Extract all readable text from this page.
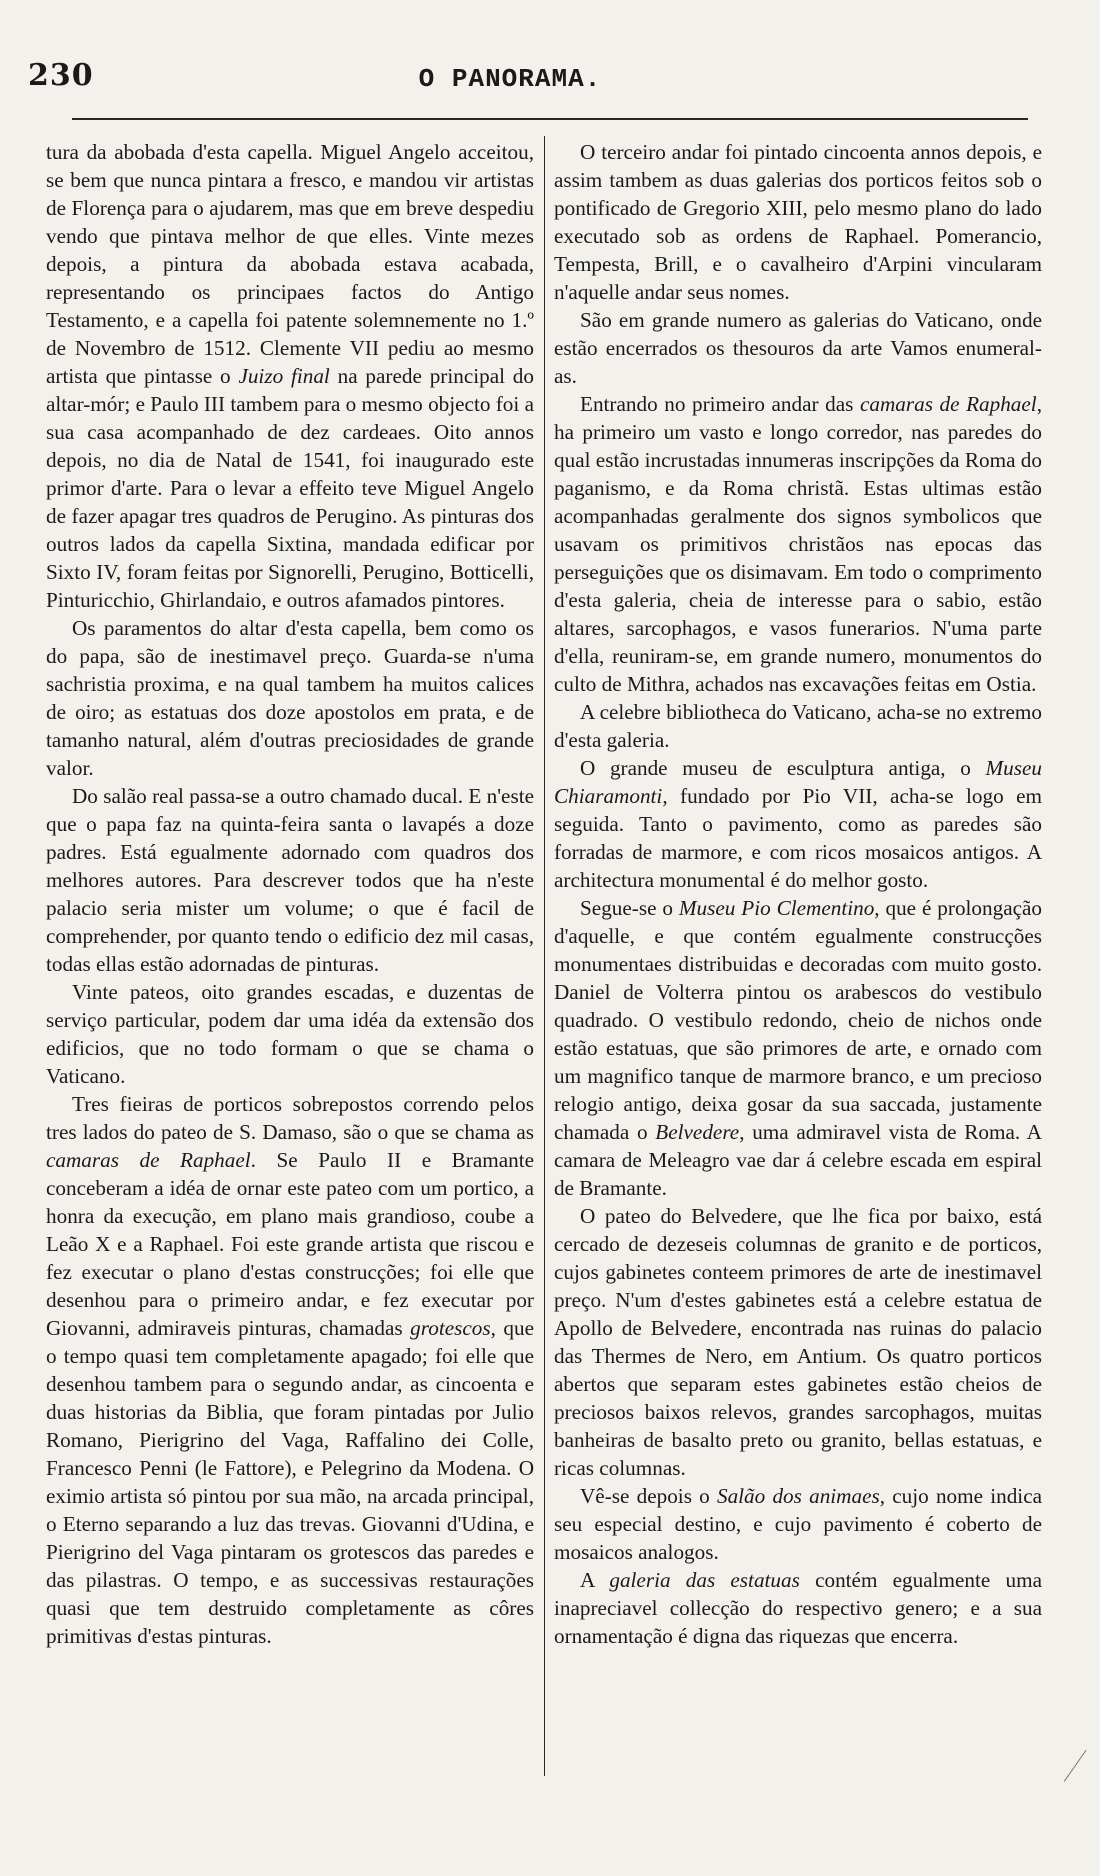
230	O PANORAMA.

tura da abobada d'esta capella. Miguel Angelo acceitou, se bem que nunca pintara a fresco, e mandou vir artistas de Florença para o ajudarem, mas que em breve despediu vendo que pintava melhor de que elles. Vinte mezes depois, a pintura da abobada estava acabada, representando os principaes factos do Antigo Testamento, e a capella foi patente solemnemente no 1.º de Novembro de 1512. Clemente VII pediu ao mesmo artista que pintasse o Juizo final na parede principal do altar-mór; e Paulo III tambem para o mesmo objecto foi a sua casa acompanhado de dez cardeaes. Oito annos depois, no dia de Natal de 1541, foi inaugurado este primor d'arte. Para o levar a effeito teve Miguel Angelo de fazer apagar tres quadros de Perugino. As pinturas dos outros lados da capella Sixtina, mandada edificar por Sixto IV, foram feitas por Signorelli, Perugino, Botticelli, Pinturicchio, Ghirlandaio, e outros afamados pintores.

Os paramentos do altar d'esta capella, bem como os do papa, são de inestimavel preço. Guarda-se n'uma sachristia proxima, e na qual tambem ha muitos calices de oiro; as estatuas dos doze apostolos em prata, e de tamanho natural, além d'outras preciosidades de grande valor.

Do salão real passa-se a outro chamado ducal. E n'este que o papa faz na quinta-feira santa o lavapés a doze padres. Está egualmente adornado com quadros dos melhores autores. Para descrever todos que ha n'este palacio seria mister um volume; o que é facil de comprehender, por quanto tendo o edificio dez mil casas, todas ellas estão adornadas de pinturas.

Vinte pateos, oito grandes escadas, e duzentas de serviço particular, podem dar uma idéa da extensão dos edificios, que no todo formam o que se chama o Vaticano.

Tres fieiras de porticos sobrepostos correndo pelos tres lados do pateo de S. Damaso, são o que se chama as camaras de Raphael. Se Paulo II e Bramante conceberam a idéa de ornar este pateo com um portico, a honra da execução, em plano mais grandioso, coube a Leão X e a Raphael. Foi este grande artista que riscou e fez executar o plano d'estas construcções; foi elle que desenhou para o primeiro andar, e fez executar por Giovanni, admiraveis pinturas, chamadas grotescos, que o tempo quasi tem completamente apagado; foi elle que desenhou tambem para o segundo andar, as cincoenta e duas historias da Biblia, que foram pintadas por Julio Romano, Pierigrino del Vaga, Raffalino dei Colle, Francesco Penni (le Fattore), e Pelegrino da Modena. O eximio artista só pintou por sua mão, na arcada principal, o Eterno separando a luz das trevas. Giovanni d'Udina, e Pierigrino del Vaga pintaram os grotescos das paredes e das pilastras. O tempo, e as successivas restaurações quasi que tem destruido completamente as côres primitivas d'estas pinturas.

O terceiro andar foi pintado cincoenta annos depois, e assim tambem as duas galerias dos porticos feitos sob o pontificado de Gregorio XIII, pelo mesmo plano do lado executado sob as ordens de Raphael. Pomerancio, Tempesta, Brill, e o cavalheiro d'Arpini vincularam n'aquelle andar seus nomes.

São em grande numero as galerias do Vaticano, onde estão encerrados os thesouros da arte Vamos enumeral-as.

Entrando no primeiro andar das camaras de Raphael, ha primeiro um vasto e longo corredor, nas paredes do qual estão incrustadas innumeras inscripções da Roma do paganismo, e da Roma christã. Estas ultimas estão acompanhadas geralmente dos signos symbolicos que usavam os primitivos christãos nas epocas das perseguições que os disimavam. Em todo o comprimento d'esta galeria, cheia de interesse para o sabio, estão altares, sarcophagos, e vasos funerarios. N'uma parte d'ella, reuniram-se, em grande numero, monumentos do culto de Mithra, achados nas excavações feitas em Ostia.

A celebre bibliotheca do Vaticano, acha-se no extremo d'esta galeria.

O grande museu de esculptura antiga, o Museu Chiaramonti, fundado por Pio VII, acha-se logo em seguida. Tanto o pavimento, como as paredes são forradas de marmore, e com ricos mosaicos antigos. A architectura monumental é do melhor gosto.

Segue-se o Museu Pio Clementino, que é prolongação d'aquelle, e que contém egualmente construcções monumentaes distribuidas e decoradas com muito gosto. Daniel de Volterra pintou os arabescos do vestibulo quadrado. O vestibulo redondo, cheio de nichos onde estão estatuas, que são primores de arte, e ornado com um magnifico tanque de marmore branco, e um precioso relogio antigo, deixa gosar da sua saccada, justamente chamada o Belvedere, uma admiravel vista de Roma. A camara de Meleagro vae dar á celebre escada em espiral de Bramante.

O pateo do Belvedere, que lhe fica por baixo, está cercado de dezeseis columnas de granito e de porticos, cujos gabinetes conteem primores de arte de inestimavel preço. N'um d'estes gabinetes está a celebre estatua de Apollo de Belvedere, encontrada nas ruinas do palacio das Thermes de Nero, em Antium. Os quatro porticos abertos que separam estes gabinetes estão cheios de preciosos baixos relevos, grandes sarcophagos, muitas banheiras de basalto preto ou granito, bellas estatuas, e ricas columnas.

Vê-se depois o Salão dos animaes, cujo nome indica seu especial destino, e cujo pavimento é coberto de mosaicos analogos.

A galeria das estatuas contém egualmente uma inapreciavel collecção do respectivo genero; e a sua ornamentação é digna das riquezas que encerra.
